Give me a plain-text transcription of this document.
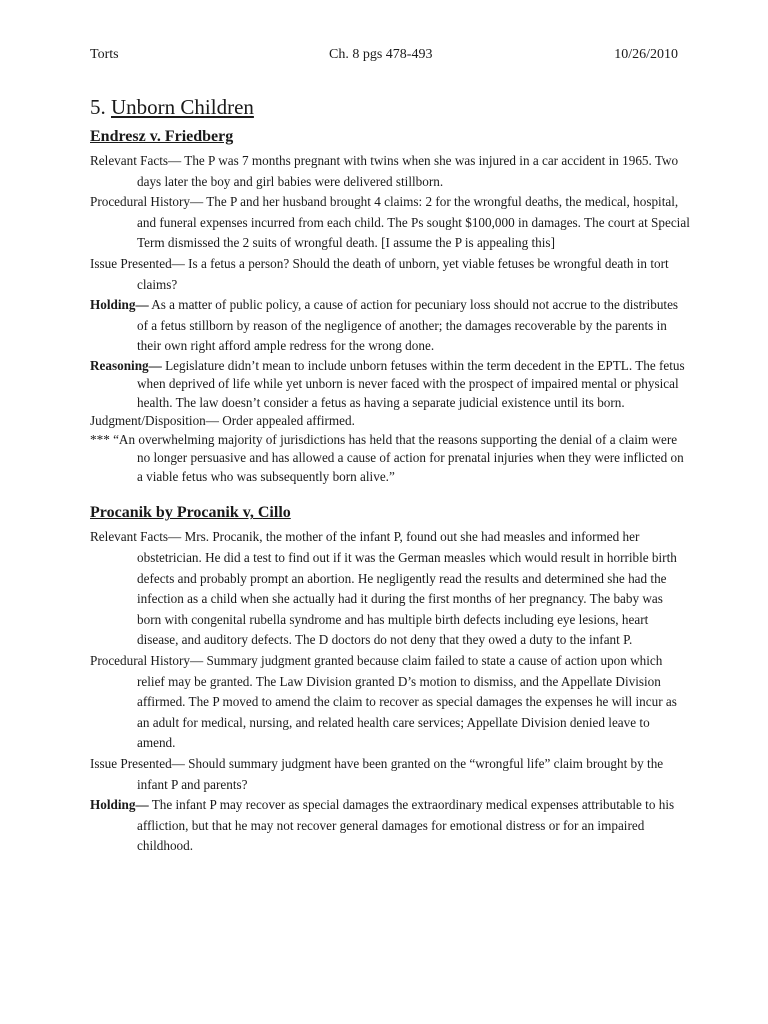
Torts	Ch. 8 pgs 478-493	10/26/2010
5. Unborn Children
Endresz v. Friedberg

Relevant Facts— The P was 7 months pregnant with twins when she was injured in a car accident in 1965. Two days later the boy and girl babies were delivered stillborn.

Procedural History— The P and her husband brought 4 claims: 2 for the wrongful deaths, the medical, hospital, and funeral expenses incurred from each child. The Ps sought $100,000 in damages. The court at Special Term dismissed the 2 suits of wrongful death. [I assume the P is appealing this]

Issue Presented— Is a fetus a person? Should the death of unborn, yet viable fetuses be wrongful death in tort claims?

Holding— As a matter of public policy, a cause of action for pecuniary loss should not accrue to the distributes of a fetus stillborn by reason of the negligence of another; the damages recoverable by the parents in their own right afford ample redress for the wrong done.

Reasoning— Legislature didn’t mean to include unborn fetuses within the term decedent in the EPTL. The fetus when deprived of life while yet unborn is never faced with the prospect of impaired mental or physical health. The law doesn’t consider a fetus as having a separate judicial existence until its born.

Judgment/Disposition— Order appealed affirmed.

*** “An overwhelming majority of jurisdictions has held that the reasons supporting the denial of a claim were no longer persuasive and has allowed a cause of action for prenatal injuries when they were inflicted on a viable fetus who was subsequently born alive.”

Procanik by Procanik v, Cillo

Relevant Facts— Mrs. Procanik, the mother of the infant P, found out she had measles and informed her obstetrician. He did a test to find out if it was the German measles which would result in horrible birth defects and probably prompt an abortion. He negligently read the results and determined she had the infection as a child when she actually had it during the first months of her pregnancy. The baby was born with congenital rubella syndrome and has multiple birth defects including eye lesions, heart disease, and auditory defects. The D doctors do not deny that they owed a duty to the infant P.

Procedural History— Summary judgment granted because claim failed to state a cause of action upon which relief may be granted. The Law Division granted D’s motion to dismiss, and the Appellate Division affirmed. The P moved to amend the claim to recover as special damages the expenses he will incur as an adult for medical, nursing, and related health care services; Appellate Division denied leave to amend.

Issue Presented— Should summary judgment have been granted on the “wrongful life” claim brought by the infant P and parents?

Holding— The infant P may recover as special damages the extraordinary medical expenses attributable to his affliction, but that he may not recover general damages for emotional distress or for an impaired childhood.
